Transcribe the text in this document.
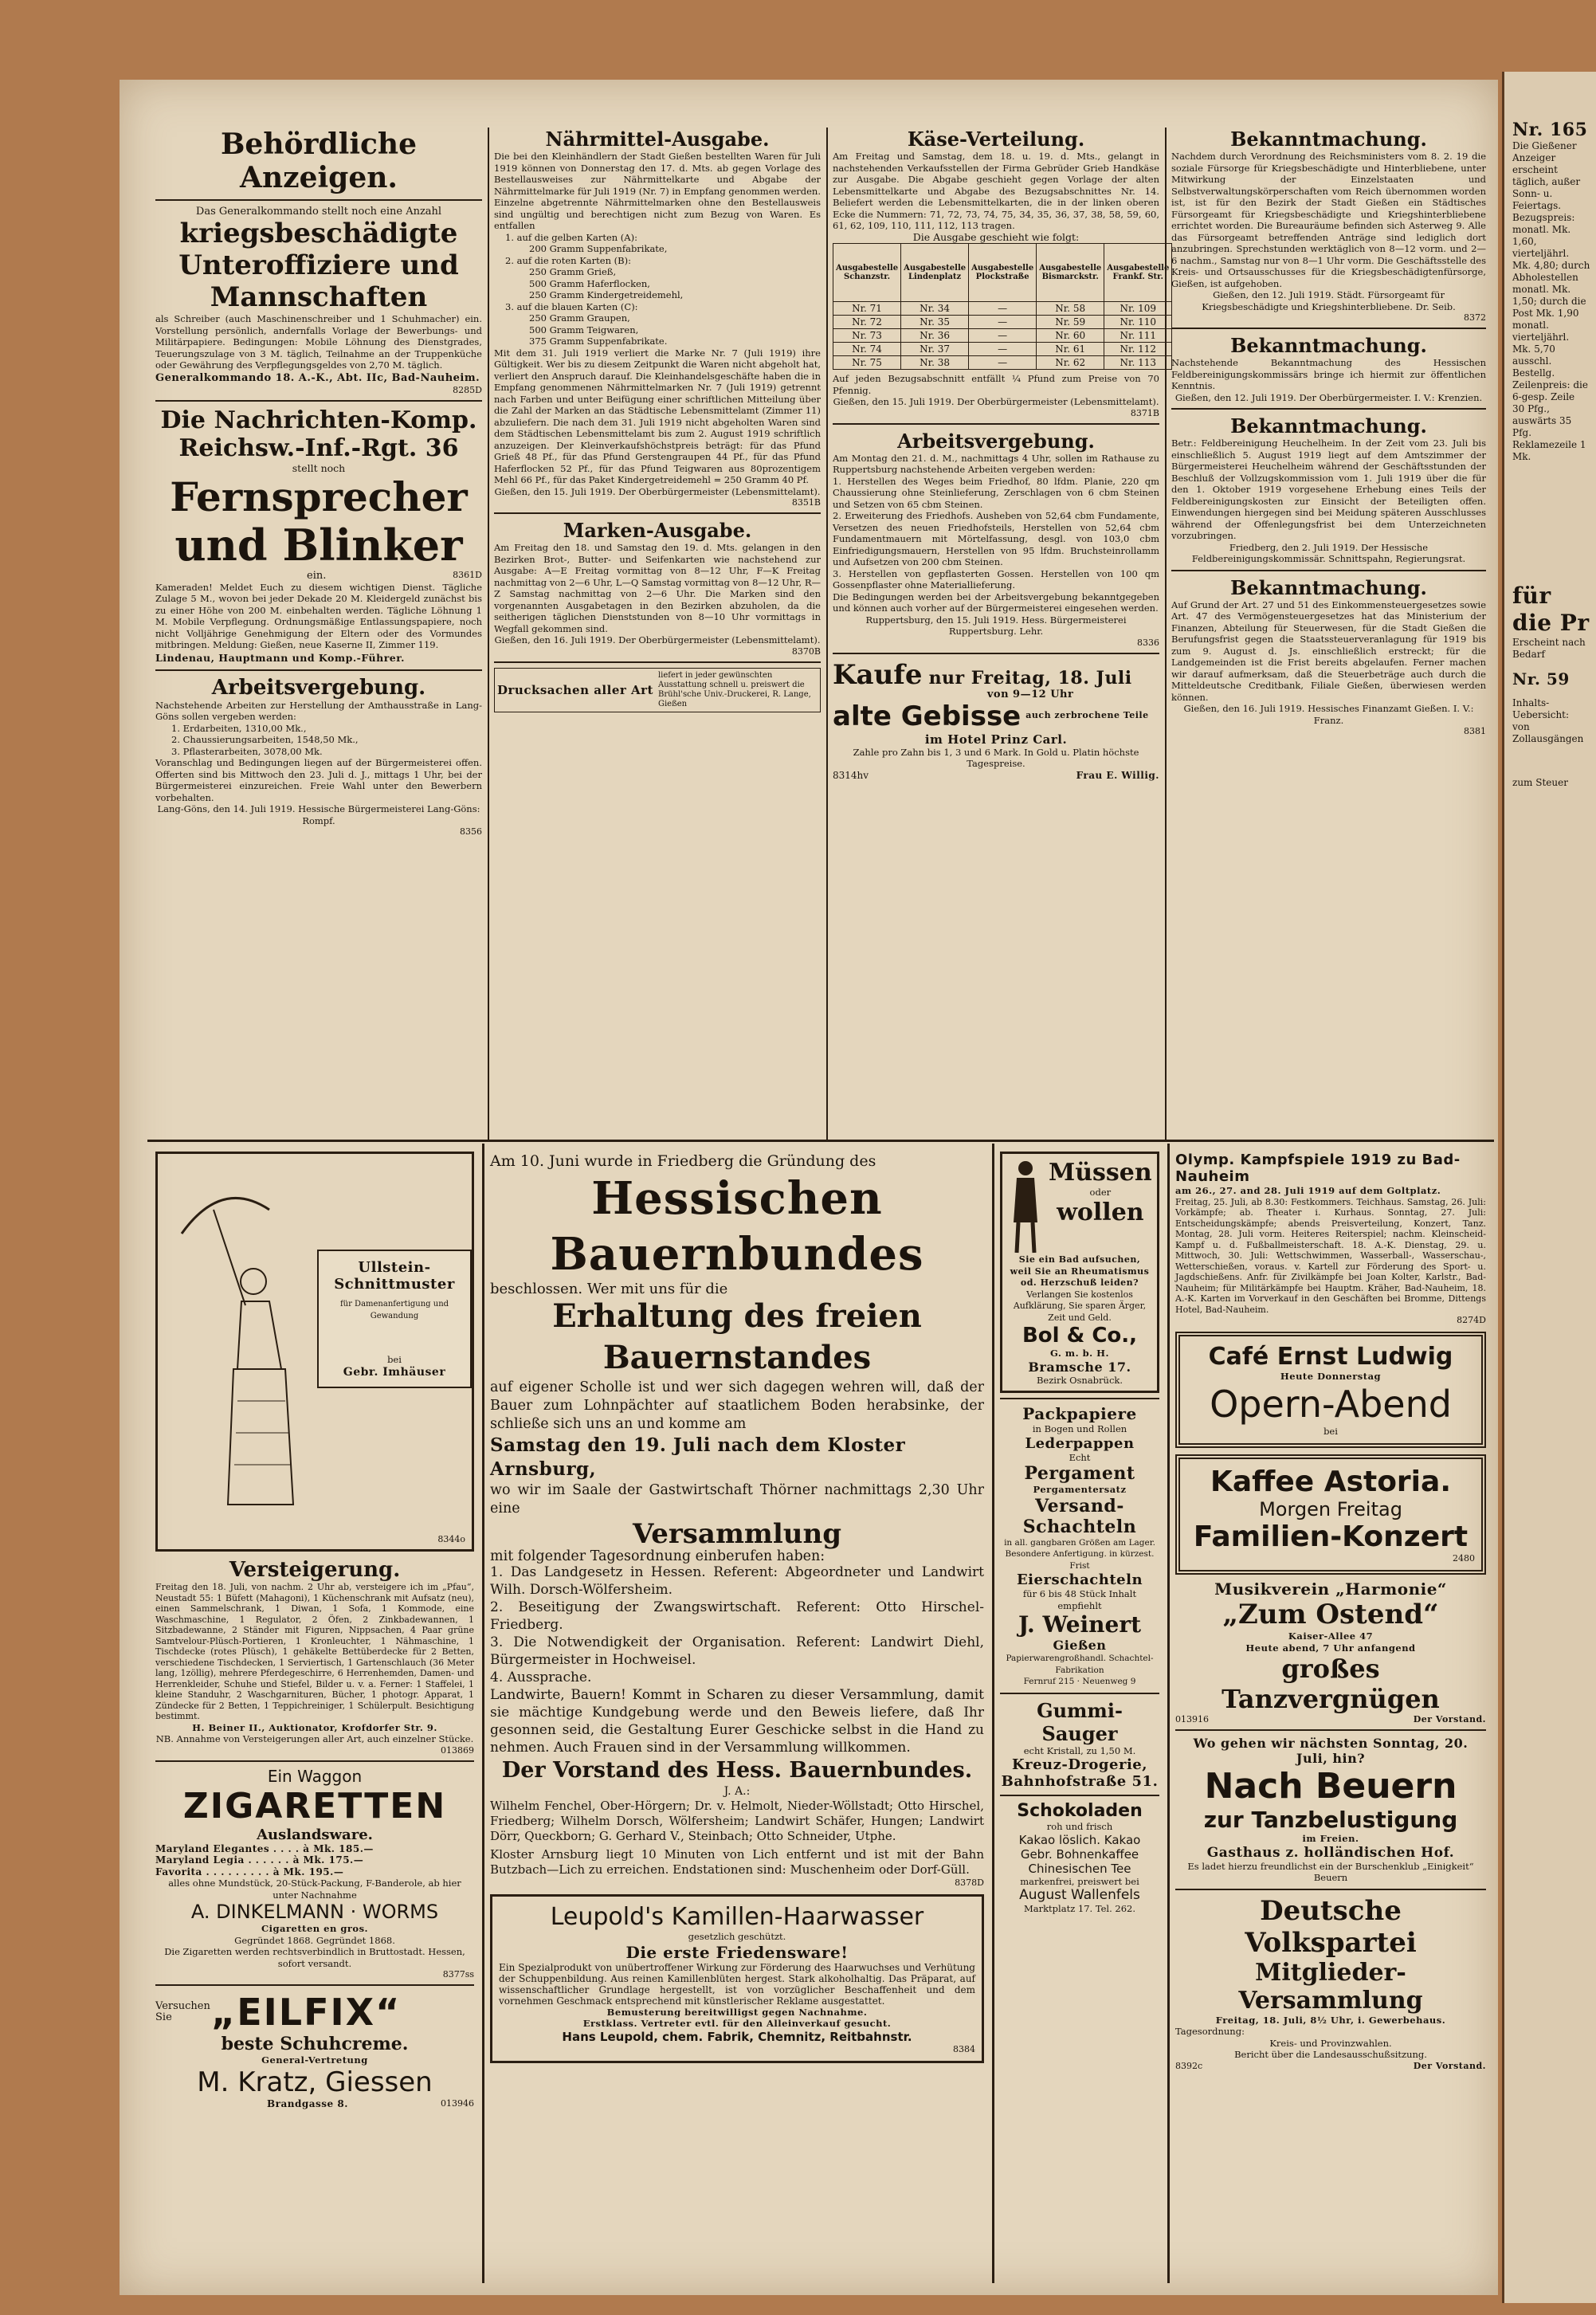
Behördliche Anzeigen.
Das Generalkommando stellt noch eine Anzahl
kriegsbeschädigte Unteroffiziere und Mannschaften
als Schreiber (auch Maschinenschreiber und 1 Schuhmacher) ein. Vorstellung persönlich, andernfalls Vorlage der Bewerbungs- und Militärpapiere. Bedingungen: Mobile Löhnung des Dienstgrades, Teuerungszulage von 3 M. täglich, Teilnahme an der Truppenküche oder Gewährung des Verpflegungsgeldes von 2,70 M. täglich.
Generalkommando 18. A.-K., Abt. IIc, Bad-Nauheim.
8285D
Die Nachrichten-Komp.
Reichsw.-Inf.-Rgt. 36
stellt noch
Fernsprecher
und Blinker
ein.	8361D
Kameraden! Meldet Euch zu diesem wichtigen Dienst. Tägliche Zulage 5 M., wovon bei jeder Dekade 20 M. Kleidergeld zunächst bis zu einer Höhe von 200 M. einbehalten werden. Tägliche Löhnung 1 M. Mobile Verpflegung. Ordnungsmäßige Entlassungspapiere, noch nicht Volljährige Genehmigung der Eltern oder des Vormundes mitbringen. Meldung: Gießen, neue Kaserne II, Zimmer 119.
Lindenau, Hauptmann und Komp.-Führer.
Arbeitsvergebung.
Nachstehende Arbeiten zur Herstellung der Amthausstraße in Lang-Göns sollen vergeben werden:
1. Erdarbeiten, 1310,00 Mk.,
2. Chaussierungsarbeiten, 1548,50 Mk.,
3. Pflasterarbeiten, 3078,00 Mk.
Voranschlag und Bedingungen liegen auf der Bürgermeisterei offen. Offerten sind bis Mittwoch den 23. Juli d. J., mittags 1 Uhr, bei der Bürgermeisterei einzureichen. Freie Wahl unter den Bewerbern vorbehalten.
Lang-Göns, den 14. Juli 1919. Hessische Bürgermeisterei Lang-Göns: Rompf.
8356
Nährmittel-Ausgabe.
Die bei den Kleinhändlern der Stadt Gießen bestellten Waren für Juli 1919 können von Donnerstag den 17. d. Mts. ab gegen Vorlage des Bestellausweises zur Nährmittelkarte und Abgabe der Nährmittelmarke für Juli 1919 (Nr. 7) in Empfang genommen werden. Einzelne abgetrennte Nährmittelmarken ohne den Bestellausweis sind ungültig und berechtigen nicht zum Bezug von Waren. Es entfallen
1. auf die gelben Karten (A):
200 Gramm Suppenfabrikate,
2. auf die roten Karten (B):
250 Gramm Grieß,
500 Gramm Haferflocken,
250 Gramm Kindergetreidemehl,
3. auf die blauen Karten (C):
250 Gramm Graupen,
500 Gramm Teigwaren,
375 Gramm Suppenfabrikate.
Mit dem 31. Juli 1919 verliert die Marke Nr. 7 (Juli 1919) ihre Gültigkeit. Wer bis zu diesem Zeitpunkt die Waren nicht abgeholt hat, verliert den Anspruch darauf. Die Kleinhandelsgeschäfte haben die in Empfang genommenen Nährmittelmarken Nr. 7 (Juli 1919) getrennt nach Farben und unter Beifügung einer schriftlichen Mitteilung über die Zahl der Marken an das Städtische Lebensmittelamt (Zimmer 11) abzuliefern. Die nach dem 31. Juli 1919 nicht abgeholten Waren sind dem Städtischen Lebensmittelamt bis zum 2. August 1919 schriftlich anzuzeigen. Der Kleinverkaufshöchstpreis beträgt: für das Pfund Grieß 48 Pf., für das Pfund Gerstengraupen 44 Pf., für das Pfund Haferflocken 52 Pf., für das Pfund Teigwaren aus 80prozentigem Mehl 66 Pf., für das Paket Kindergetreidemehl = 250 Gramm 40 Pf.
Gießen, den 15. Juli 1919. Der Oberbürgermeister (Lebensmittelamt).
8351B
Marken-Ausgabe.
Am Freitag den 18. und Samstag den 19. d. Mts. gelangen in den Bezirken Brot-, Butter- und Seifenkarten wie nachstehend zur Ausgabe: A—E Freitag vormittag von 8—12 Uhr, F—K Freitag nachmittag von 2—6 Uhr, L—Q Samstag vormittag von 8—12 Uhr, R—Z Samstag nachmittag von 2—6 Uhr. Die Marken sind den vorgenannten Ausgabetagen in den Bezirken abzuholen, da die seitherigen täglichen Dienststunden von 8—10 Uhr vormittags in Wegfall gekommen sind.
Gießen, den 16. Juli 1919. Der Oberbürgermeister (Lebensmittelamt).
8370B
Drucksachen aller Art
liefert in jeder gewünschten Ausstattung schnell u. preiswert die Brühl'sche Univ.-Druckerei, R. Lange, Gießen
Käse-Verteilung.
Am Freitag und Samstag, dem 18. u. 19. d. Mts., gelangt in nachstehenden Verkaufsstellen der Firma Gebrüder Grieb Handkäse zur Ausgabe. Die Abgabe geschieht gegen Vorlage der alten Lebensmittelkarte und Abgabe des Bezugsabschnittes Nr. 14. Beliefert werden die Lebensmittelkarten, die in der linken oberen Ecke die Nummern: 71, 72, 73, 74, 75, 34, 35, 36, 37, 38, 58, 59, 60, 61, 62, 109, 110, 111, 112, 113 tragen.
Die Ausgabe geschieht wie folgt:
Ausgabestelle Schanzstr.	Ausgabestelle Lindenplatz	Ausgabestelle Plockstraße	Ausgabestelle Bismarckstr.	Ausgabestelle Frankf. Str.
Nr. 71	Nr. 34	—	Nr. 58	Nr. 109
Nr. 72	Nr. 35	—	Nr. 59	Nr. 110
Nr. 73	Nr. 36	—	Nr. 60	Nr. 111
Nr. 74	Nr. 37	—	Nr. 61	Nr. 112
Nr. 75	Nr. 38	—	Nr. 62	Nr. 113
Auf jeden Bezugsabschnitt entfällt ¼ Pfund zum Preise von 70 Pfennig.
Gießen, den 15. Juli 1919. Der Oberbürgermeister (Lebensmittelamt).
8371B
Arbeitsvergebung.
Am Montag den 21. d. M., nachmittags 4 Uhr, sollen im Rathause zu Ruppertsburg nachstehende Arbeiten vergeben werden:
1. Herstellen des Weges beim Friedhof, 80 lfdm. Planie, 220 qm Chaussierung ohne Steinlieferung, Zerschlagen von 6 cbm Steinen und Setzen von 65 cbm Steinen.
2. Erweiterung des Friedhofs. Ausheben von 52,64 cbm Fundamente, Versetzen des neuen Friedhofsteils, Herstellen von 52,64 cbm Fundamentmauern mit Mörtelfassung, desgl. von 103,0 cbm Einfriedigungsmauern, Herstellen von 95 lfdm. Bruchsteinrollamm und Aufsetzen von 200 cbm Steinen.
3. Herstellen von gepflasterten Gossen. Herstellen von 100 qm Gossenpflaster ohne Materiallieferung.
Die Bedingungen werden bei der Arbeitsvergebung bekanntgegeben und können auch vorher auf der Bürgermeisterei eingesehen werden.
Ruppertsburg, den 15. Juli 1919. Hess. Bürgermeisterei Ruppertsburg. Lehr.
8336
Kaufe nur Freitag, 18. Juli
von 9—12 Uhr
alte Gebisse auch zerbrochene Teile
im Hotel Prinz Carl.
Zahle pro Zahn bis 1, 3 und 6 Mark. In Gold u. Platin höchste Tagespreise.
8314hv	Frau E. Willig.
Bekanntmachung.
Nachdem durch Verordnung des Reichsministers vom 8. 2. 19 die soziale Fürsorge für Kriegsbeschädigte und Hinterbliebene, unter Mitwirkung der Einzelstaaten und Selbstverwaltungskörperschaften vom Reich übernommen worden ist, ist für den Bezirk der Stadt Gießen ein Städtisches Fürsorgeamt für Kriegsbeschädigte und Kriegshinterbliebene errichtet worden. Die Bureauräume befinden sich Asterweg 9. Alle das Fürsorgeamt betreffenden Anträge sind lediglich dort anzubringen. Sprechstunden werktäglich von 8—12 vorm. und 2—6 nachm., Samstag nur von 8—1 Uhr vorm. Die Geschäftsstelle des Kreis- und Ortsausschusses für die Kriegsbeschädigtenfürsorge, Gießen, ist aufgehoben.
Gießen, den 12. Juli 1919. Städt. Fürsorgeamt für Kriegsbeschädigte und Kriegshinterbliebene. Dr. Seib.
8372
Bekanntmachung.
Nachstehende Bekanntmachung des Hessischen Feldbereinigungskommissärs bringe ich hiermit zur öffentlichen Kenntnis.
Gießen, den 12. Juli 1919. Der Oberbürgermeister. I. V.: Krenzien.
Bekanntmachung.
Betr.: Feldbereinigung Heuchelheim. In der Zeit vom 23. Juli bis einschließlich 5. August 1919 liegt auf dem Amtszimmer der Bürgermeisterei Heuchelheim während der Geschäftsstunden der Beschluß der Vollzugskommission vom 1. Juli 1919 über die für den 1. Oktober 1919 vorgesehene Erhebung eines Teils der Feldbereinigungskosten zur Einsicht der Beteiligten offen. Einwendungen hiergegen sind bei Meidung späteren Ausschlusses während der Offenlegungsfrist bei dem Unterzeichneten vorzubringen.
Friedberg, den 2. Juli 1919. Der Hessische Feldbereinigungskommissär. Schnittspahn, Regierungsrat.
Bekanntmachung.
Auf Grund der Art. 27 und 51 des Einkommensteuergesetzes sowie Art. 47 des Vermögensteuergesetzes hat das Ministerium der Finanzen, Abteilung für Steuerwesen, für die Stadt Gießen die Berufungsfrist gegen die Staatssteuerveranlagung für 1919 bis zum 9. August d. Js. einschließlich erstreckt; für die Landgemeinden ist die Frist bereits abgelaufen. Ferner machen wir darauf aufmerksam, daß die Steuerbeträge auch durch die Mitteldeutsche Creditbank, Filiale Gießen, überwiesen werden können.
Gießen, den 16. Juli 1919. Hessisches Finanzamt Gießen. I. V.: Franz.
8381
Ullstein-
Schnittmuster
für Damenanfertigung und Gewandung
bei
Gebr. Imhäuser
8344o
Versteigerung.
Freitag den 18. Juli, von nachm. 2 Uhr ab, versteigere ich im „Pfau“, Neustadt 55: 1 Büfett (Mahagoni), 1 Küchenschrank mit Aufsatz (neu), einen Sammelschrank, 1 Diwan, 1 Sofa, 1 Kommode, eine Waschmaschine, 1 Regulator, 2 Öfen, 2 Zinkbadewannen, 1 Sitzbadewanne, 2 Ständer mit Figuren, Nippsachen, 4 Paar grüne Samtvelour-Plüsch-Portieren, 1 Kronleuchter, 1 Nähmaschine, 1 Tischdecke (rotes Plüsch), 1 gehäkelte Bettüberdecke für 2 Betten, verschiedene Tischdecken, 1 Serviertisch, 1 Gartenschlauch (36 Meter lang, 1zöllig), mehrere Pferdegeschirre, 6 Herrenhemden, Damen- und Herrenkleider, Schuhe und Stiefel, Bilder u. v. a. Ferner: 1 Staffelei, 1 kleine Standuhr, 2 Waschgarnituren, Bücher, 1 photogr. Apparat, 1 Zündecke für 2 Betten, 1 Teppichreiniger, 1 Schülerpult. Besichtigung bestimmt.
H. Beiner II., Auktionator, Krofdorfer Str. 9.
NB. Annahme von Versteigerungen aller Art, auch einzelner Stücke.
013869
Ein Waggon
ZIGARETTEN
Auslandsware.
Maryland Elegantes . . . . à Mk. 185.—
Maryland Legia . . . . . . à Mk. 175.—
Favorita . . . . . . . . . à Mk. 195.—
alles ohne Mundstück, 20-Stück-Packung, F-Banderole, ab hier unter Nachnahme
A. DINKELMANN · WORMS
Cigaretten en gros.
Gegründet 1868. Gegründet 1868.
Die Zigaretten werden rechtsverbindlich in Bruttostadt. Hessen, sofort versandt.
8377ss
Versuchen Sie	„EILFIX“
beste Schuhcreme.
General-Vertretung
M. Kratz, Giessen
Brandgasse 8.	013946
Am 10. Juni wurde in Friedberg die Gründung des
Hessischen Bauernbundes
beschlossen. Wer mit uns für die
Erhaltung des freien Bauernstandes
auf eigener Scholle ist und wer sich dagegen wehren will, daß der Bauer zum Lohnpächter auf staatlichem Boden herabsinke, der schließe sich uns an und komme am
Samstag den 19. Juli nach dem Kloster Arnsburg,
wo wir im Saale der Gastwirtschaft Thörner nachmittags 2,30 Uhr eine
Versammlung
mit folgender Tagesordnung einberufen haben:
1. Das Landgesetz in Hessen. Referent: Abgeordneter und Landwirt Wilh. Dorsch-Wölfersheim.
2. Beseitigung der Zwangswirtschaft. Referent: Otto Hirschel-Friedberg.
3. Die Notwendigkeit der Organisation. Referent: Landwirt Diehl, Bürgermeister in Hochweisel.
4. Aussprache.
Landwirte, Bauern! Kommt in Scharen zu dieser Versammlung, damit sie mächtige Kundgebung werde und den Beweis liefere, daß Ihr gesonnen seid, die Gestaltung Eurer Geschicke selbst in die Hand zu nehmen. Auch Frauen sind in der Versammlung willkommen.
Der Vorstand des Hess. Bauernbundes.
J. A.:
Wilhelm Fenchel, Ober-Hörgern; Dr. v. Helmolt, Nieder-Wöllstadt; Otto Hirschel, Friedberg; Wilhelm Dorsch, Wölfersheim; Landwirt Schäfer, Hungen; Landwirt Dörr, Queckborn; G. Gerhard V., Steinbach; Otto Schneider, Utphe.
Kloster Arnsburg liegt 10 Minuten von Lich entfernt und ist mit der Bahn Butzbach—Lich zu erreichen. Endstationen sind: Muschenheim oder Dorf-Güll.
8378D
Leupold's Kamillen-Haarwasser
gesetzlich geschützt.
Die erste Friedensware!
Ein Spezialprodukt von unübertroffener Wirkung zur Förderung des Haarwuchses und Verhütung der Schuppenbildung. Aus reinen Kamillenblüten hergest. Stark alkoholhaltig. Das Präparat, auf wissenschaftlicher Grundlage hergestellt, ist von vorzüglicher Beschaffenheit und dem vornehmen Geschmack entsprechend mit künstlerischer Reklame ausgestattet.
Bemusterung bereitwilligst gegen Nachnahme.
Erstklass. Vertreter evtl. für den Alleinverkauf gesucht.
Hans Leupold, chem. Fabrik, Chemnitz, Reitbahnstr.
8384
Müssen
oder
wollen
Sie ein Bad aufsuchen, weil Sie an Rheumatismus od. Herzschuß leiden?
Verlangen Sie kostenlos Aufklärung, Sie sparen Ärger, Zeit und Geld.
Bol & Co.,
G. m. b. H.
Bramsche 17.
Bezirk Osnabrück.
Packpapiere
in Bogen und Rollen
Lederpappen
Echt
Pergament
Pergamentersatz
Versand-Schachteln
in all. gangbaren Größen am Lager. Besondere Anfertigung. in kürzest. Frist
Eierschachteln
für 6 bis 48 Stück Inhalt empfiehlt
J. Weinert
Gießen
Papierwarengroßhandl. Schachtel-Fabrikation
Fernruf 215 · Neuenweg 9
Gummi-Sauger
echt Kristall, zu 1,50 M.
Kreuz-Drogerie,
Bahnhofstraße 51.
Schokoladen
roh und frisch
Kakao löslich. Kakao
Gebr. Bohnenkaffee
Chinesischen Tee
markenfrei, preiswert bei
August Wallenfels
Marktplatz 17. Tel. 262.
Olymp. Kampfspiele 1919 zu Bad-Nauheim
am 26., 27. and 28. Juli 1919 auf dem Goltplatz.
Freitag, 25. Juli, ab 8.30: Festkommers. Teichhaus. Samstag, 26. Juli: Vorkämpfe; ab. Theater i. Kurhaus. Sonntag, 27. Juli: Entscheidungskämpfe; abends Preisverteilung, Konzert, Tanz. Montag, 28. Juli vorm. Heiteres Reiterspiel; nachm. Kleinscheid-Kampf u. d. Fußballmeisterschaft. 18. A.-K. Dienstag, 29. u. Mittwoch, 30. Juli: Wettschwimmen, Wasserball-, Wasserschau-, Wetterschießen, voraus. v. Kartell zur Förderung des Sport- u. Jagdschießens. Anfr. für Zivilkämpfe bei Joan Kolter, Karlstr., Bad-Nauheim; für Militärkämpfe bei Hauptm. Kräher, Bad-Nauheim, 18. A.-K. Karten im Vorverkauf in den Geschäften bei Bromme, Dittengs Hotel, Bad-Nauheim.
8274D
Café Ernst Ludwig
Heute Donnerstag
Opern-Abend
bei
Kaffee Astoria.
Morgen Freitag
Familien-Konzert
2480
Musikverein „Harmonie“
„Zum Ostend“
Kaiser-Allee 47
Heute abend, 7 Uhr anfangend
großes Tanzvergnügen
013916	Der Vorstand.
Wo gehen wir nächsten Sonntag, 20. Juli, hin?
Nach Beuern
zur Tanzbelustigung
im Freien.
Gasthaus z. holländischen Hof.
Es ladet hierzu freundlichst ein der Burschenklub „Einigkeit“ Beuern
Deutsche Volkspartei
Mitglieder-Versammlung
Freitag, 18. Juli, 8½ Uhr, i. Gewerbehaus.
Tagesordnung:
Kreis- und Provinzwahlen.
Bericht über die Landesausschußsitzung.
8392c	Der Vorstand.

Nr. 165

Die Gießener Anzeiger erscheint täglich, außer

Sonn- u. Feiertags.

Bezugspreis:

monatl. Mk. 1,60, vierteljährl.

Mk. 4,80; durch Abholestellen

monatl. Mk. 1,50; durch die

Post Mk. 1,90 monatl. vierteljährl.

Mk. 5,70 ausschl. Bestellg.

Zeilenpreis: die 6-gesp. Zeile

30 Pfg., auswärts 35 Pfg.

Reklamezeile 1 Mk.

für die Pr

Erscheint nach Bedarf

Nr. 59

Inhalts-Uebersicht:

von Zollausgängen

zum Steuer
